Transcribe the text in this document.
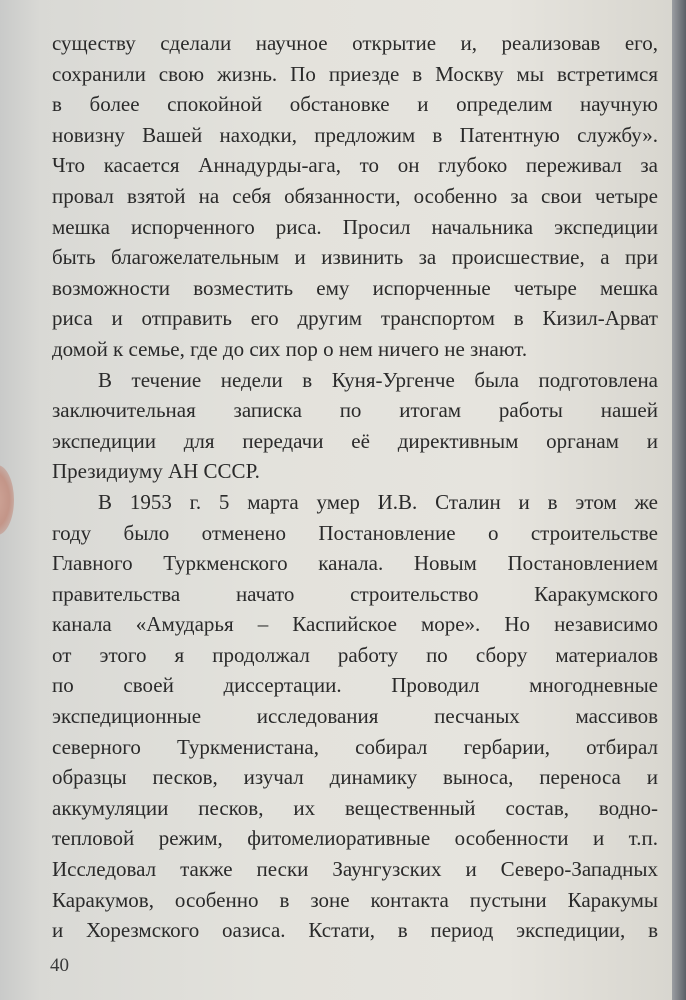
существу сделали научное открытие и, реализовав его,
сохранили свою жизнь. По приезде в Москву мы встретимся
в более спокойной обстановке и определим научную
новизну Вашей находки, предложим в Патентную службу».
Что касается Аннадурды-ага, то он глубоко переживал за
провал взятой на себя обязанности, особенно за свои четыре
мешка испорченного риса. Просил начальника экспедиции
быть благожелательным и извинить за происшествие, а при
возможности возместить ему испорченные четыре мешка
риса и отправить его другим транспортом в Кизил-Арват
домой к семье, где до сих пор о нем ничего не знают.
В течение недели в Куня-Ургенче была подготовлена
заключительная записка по итогам работы нашей
экспедиции для передачи её директивным органам и
Президиуму АН СССР.
В 1953 г. 5 марта умер И.В. Сталин и в этом же
году было отменено Постановление о строительстве
Главного Туркменского канала. Новым Постановлением
правительства начато строительство Каракумского
канала «Амударья – Каспийское море». Но независимо
от этого я продолжал работу по сбору материалов
по своей диссертации. Проводил многодневные
экспедиционные исследования песчаных массивов
северного Туркменистана, собирал гербарии, отбирал
образцы песков, изучал динамику выноса, переноса и
аккумуляции песков, их вещественный состав, водно-
тепловой режим, фитомелиоративные особенности и т.п.
Исследовал также пески Заунгузских и Северо-Западных
Каракумов, особенно в зоне контакта пустыни Каракумы
и Хорезмского оазиса. Кстати, в период экспедиции, в
40
